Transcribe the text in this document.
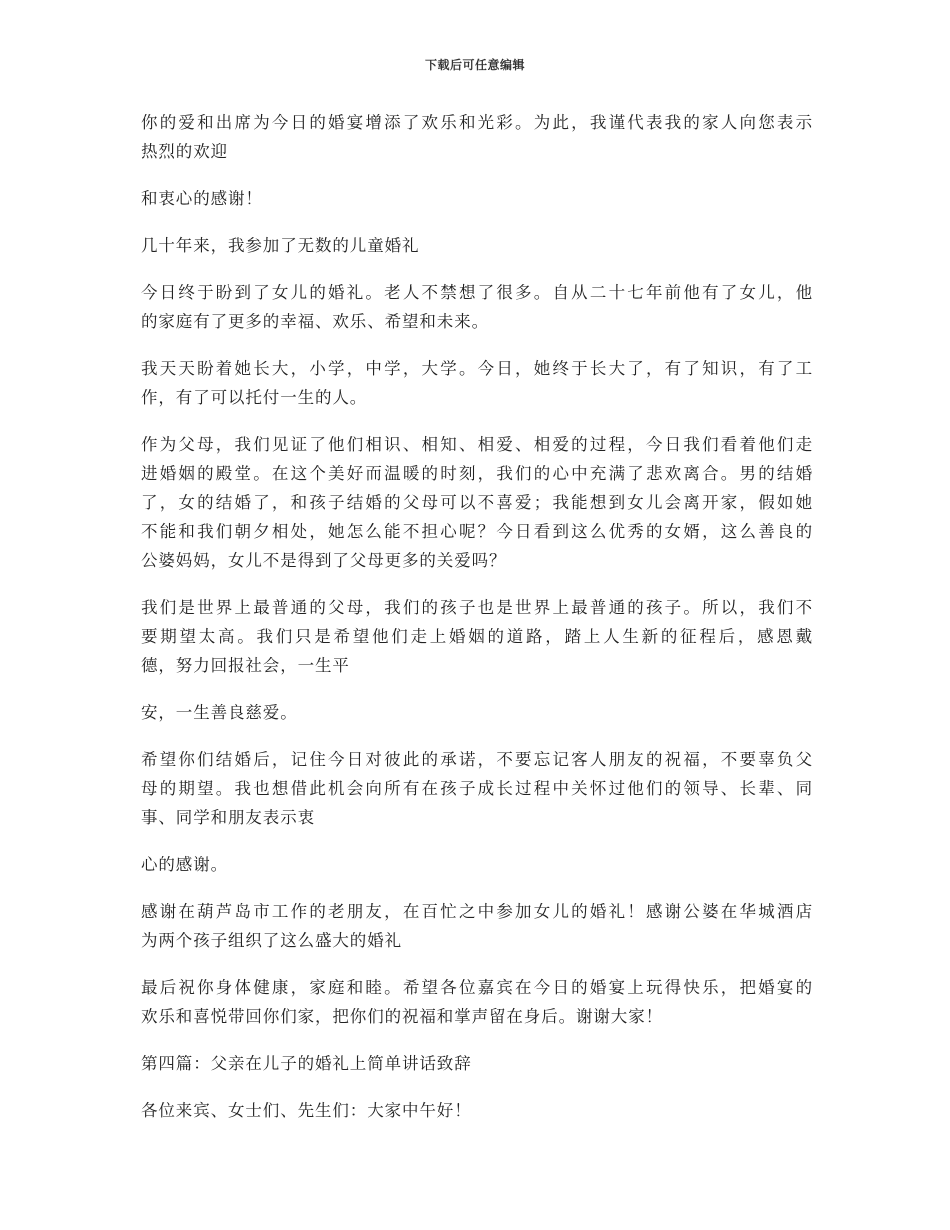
下载后可任意编辑

你的爱和出席为今日的婚宴增添了欢乐和光彩。为此，我谨代表我的家人向您表示
热烈的欢迎

和衷心的感谢！

几十年来，我参加了无数的儿童婚礼

今日终于盼到了女儿的婚礼。老人不禁想了很多。自从二十七年前他有了女儿，他
的家庭有了更多的幸福、欢乐、希望和未来。

我天天盼着她长大，小学，中学，大学。今日，她终于长大了，有了知识，有了工
作，有了可以托付一生的人。

作为父母，我们见证了他们相识、相知、相爱、相爱的过程，今日我们看着他们走
进婚姻的殿堂。在这个美好而温暖的时刻，我们的心中充满了悲欢离合。男的结婚
了，女的结婚了，和孩子结婚的父母可以不喜爱；我能想到女儿会离开家，假如她
不能和我们朝夕相处，她怎么能不担心呢？今日看到这么优秀的女婿，这么善良的
公婆妈妈，女儿不是得到了父母更多的关爱吗？

我们是世界上最普通的父母，我们的孩子也是世界上最普通的孩子。所以，我们不
要期望太高。我们只是希望他们走上婚姻的道路，踏上人生新的征程后，感恩戴
德，努力回报社会，一生平

安，一生善良慈爱。

希望你们结婚后，记住今日对彼此的承诺，不要忘记客人朋友的祝福，不要辜负父
母的期望。我也想借此机会向所有在孩子成长过程中关怀过他们的领导、长辈、同
事、同学和朋友表示衷

心的感谢。

感谢在葫芦岛市工作的老朋友，在百忙之中参加女儿的婚礼！感谢公婆在华城酒店
为两个孩子组织了这么盛大的婚礼

最后祝你身体健康，家庭和睦。希望各位嘉宾在今日的婚宴上玩得快乐，把婚宴的
欢乐和喜悦带回你们家，把你们的祝福和掌声留在身后。谢谢大家！

第四篇：父亲在儿子的婚礼上简单讲话致辞

各位来宾、女士们、先生们：大家中午好！
